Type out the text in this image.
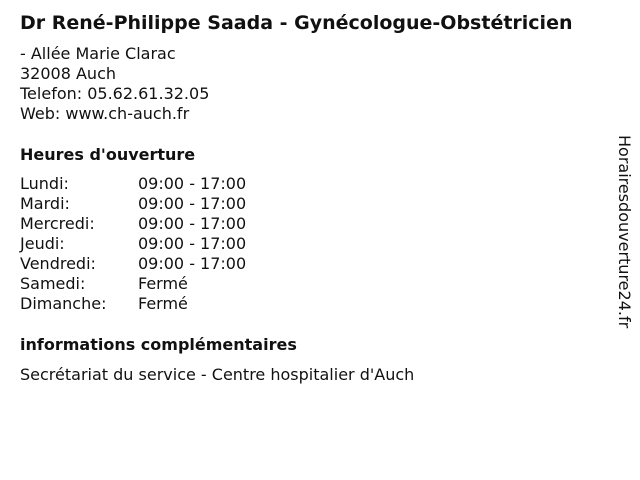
Dr René-Philippe Saada - Gynécologue-Obstétricien
- Allée Marie Clarac
32008 Auch
Telefon: 05.62.61.32.05
Web: www.ch-auch.fr
Heures d'ouverture
Lundi:	09:00 - 17:00
Mardi:	09:00 - 17:00
Mercredi:	09:00 - 17:00
Jeudi:	09:00 - 17:00
Vendredi:	09:00 - 17:00
Samedi:	Fermé
Dimanche:	Fermé
informations complémentaires
Secrétariat du service - Centre hospitalier d'Auch
Horairesdouverture24.fr
